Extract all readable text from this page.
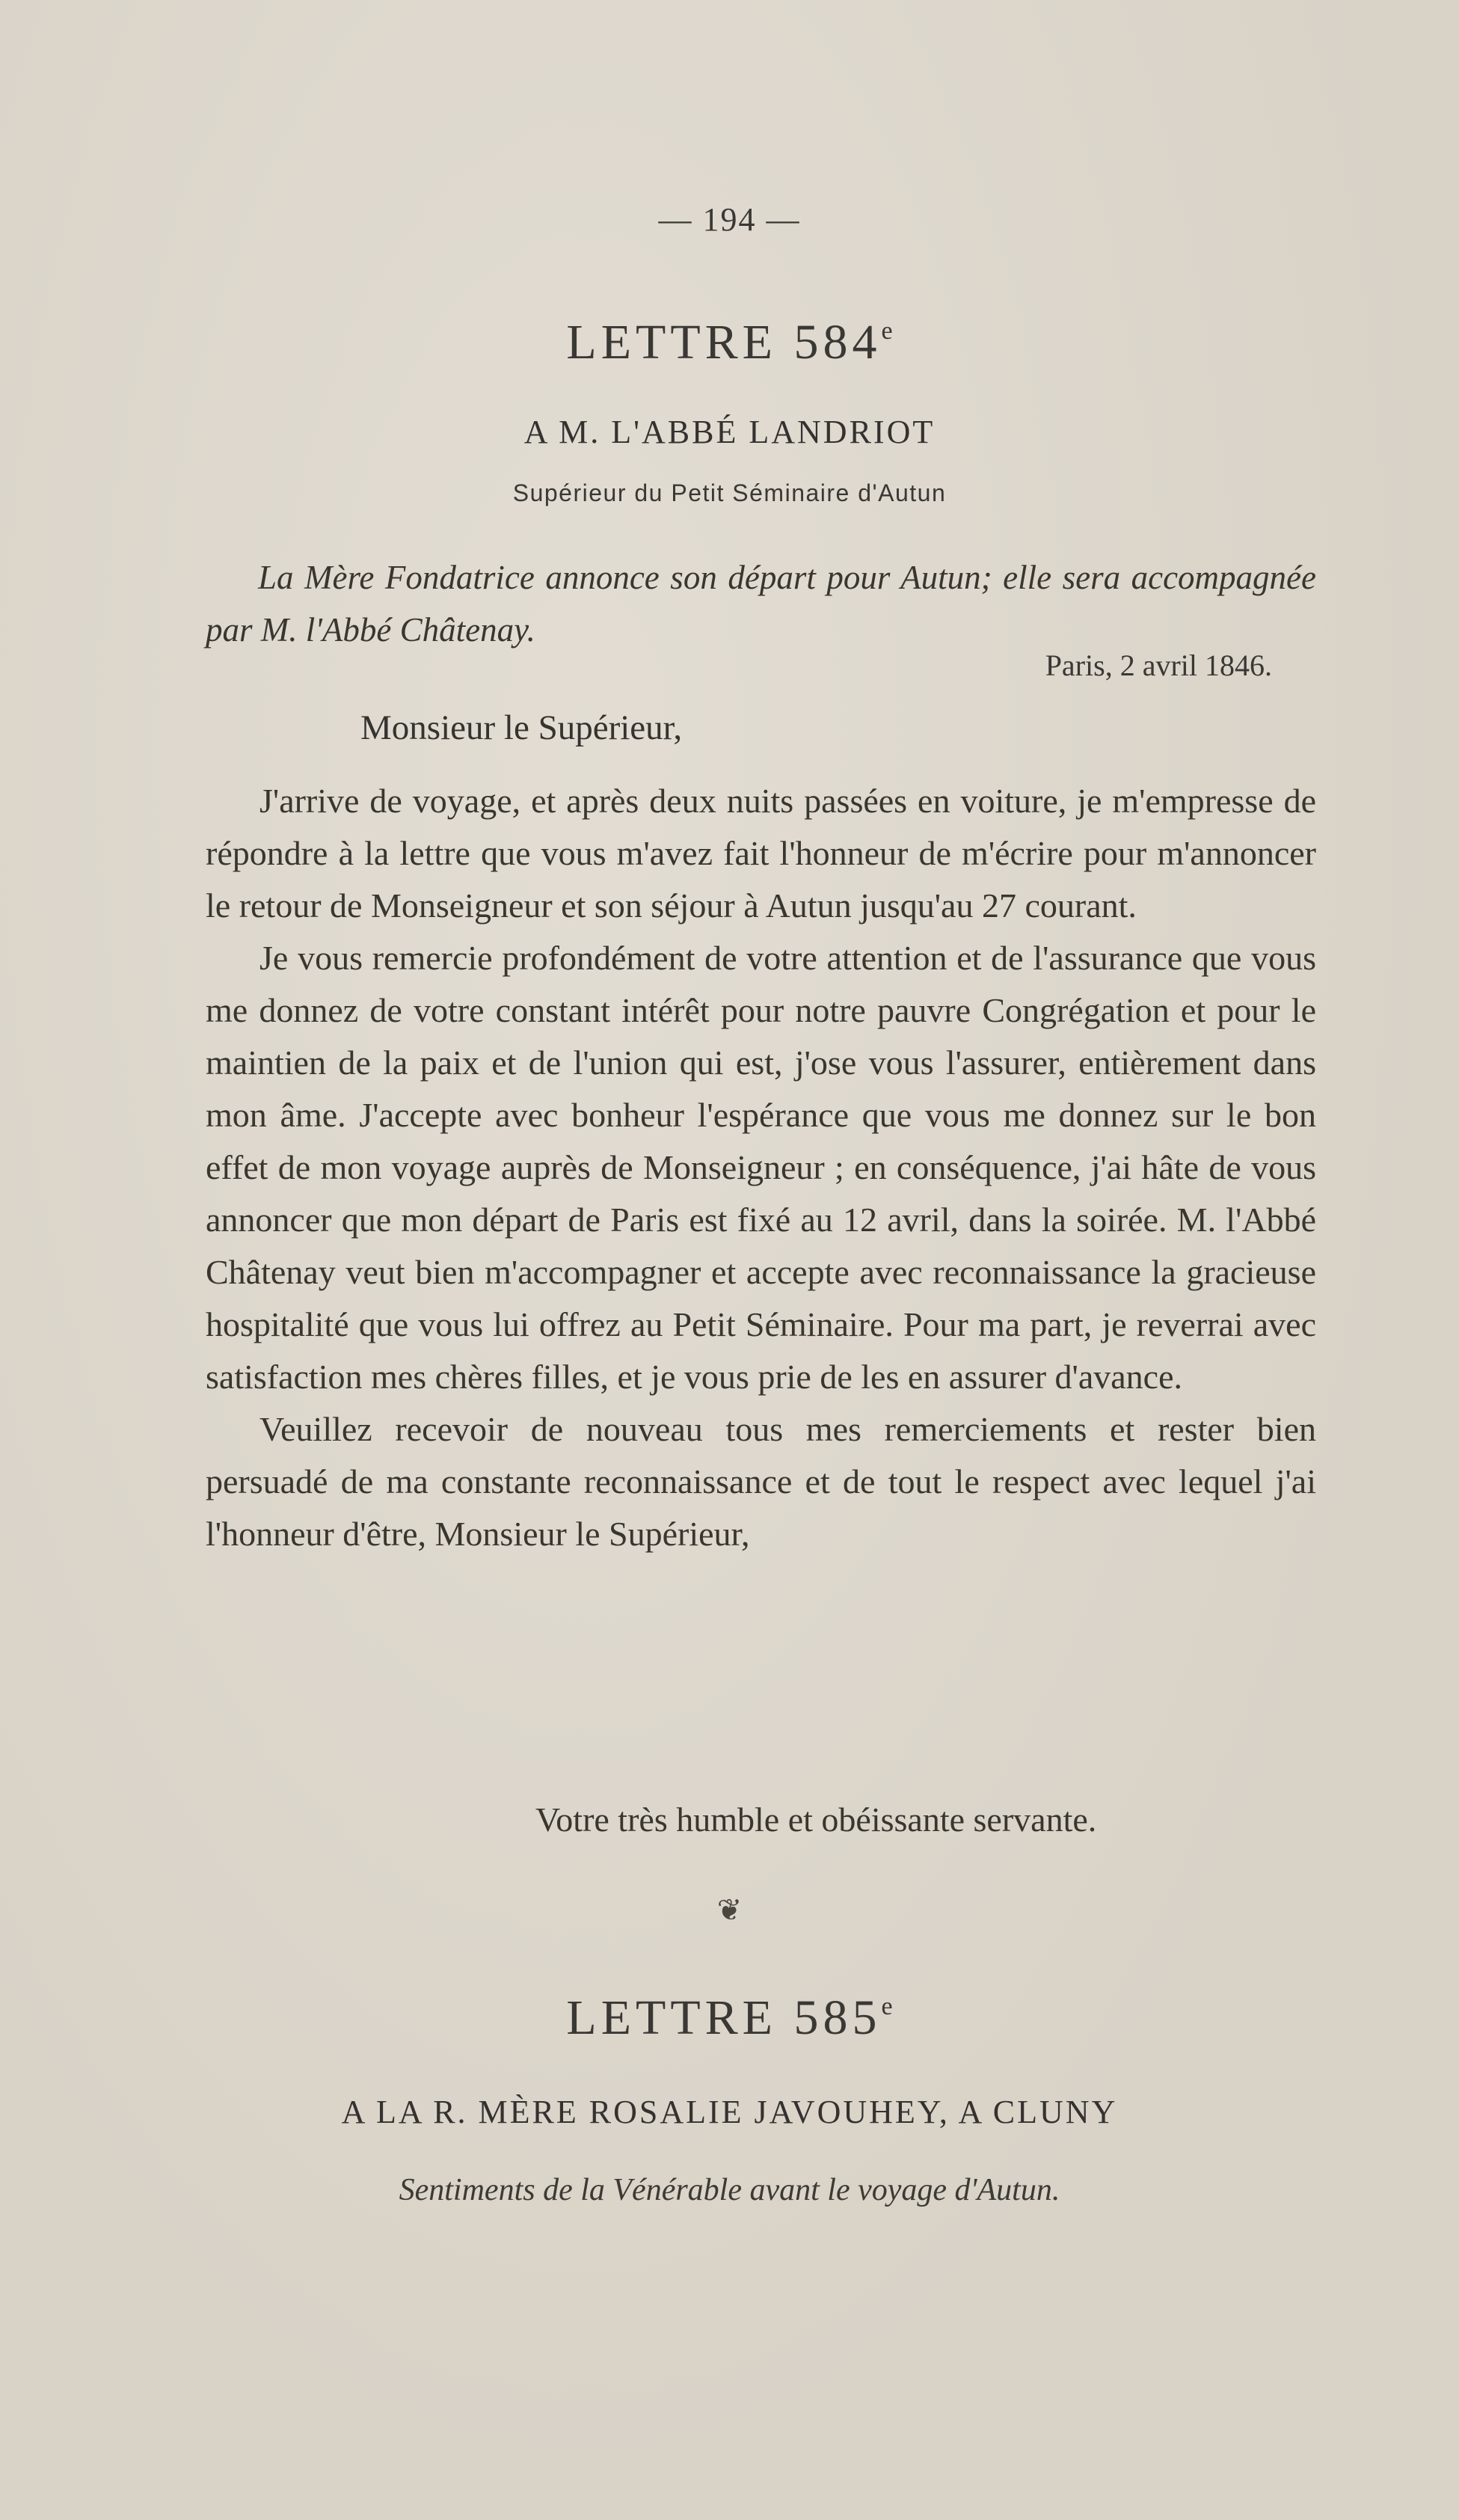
— 194 —
LETTRE 584e
A M. L'ABBÉ LANDRIOT
Supérieur du Petit Séminaire d'Autun
La Mère Fondatrice annonce son départ pour Autun; elle sera accompagnée par M. l'Abbé Châtenay.
Paris, 2 avril 1846.
Monsieur le Supérieur,

J'arrive de voyage, et après deux nuits passées en voiture, je m'empresse de répondre à la lettre que vous m'avez fait l'honneur de m'écrire pour m'annoncer le retour de Monseigneur et son séjour à Autun jusqu'au 27 courant.

Je vous remercie profondément de votre attention et de l'assurance que vous me donnez de votre constant intérêt pour notre pauvre Congrégation et pour le maintien de la paix et de l'union qui est, j'ose vous l'assurer, entièrement dans mon âme. J'accepte avec bonheur l'espérance que vous me donnez sur le bon effet de mon voyage auprès de Monseigneur ; en conséquence, j'ai hâte de vous annoncer que mon départ de Paris est fixé au 12 avril, dans la soirée. M. l'Abbé Châtenay veut bien m'accompagner et accepte avec reconnaissance la gracieuse hospitalité que vous lui offrez au Petit Séminaire. Pour ma part, je reverrai avec satisfaction mes chères filles, et je vous prie de les en assurer d'avance.

Veuillez recevoir de nouveau tous mes remerciements et rester bien persuadé de ma constante reconnaissance et de tout le respect avec lequel j'ai l'honneur d'être, Monsieur le Supérieur,

Votre très humble et obéissante servante.
❦
LETTRE 585e
A LA R. MÈRE ROSALIE JAVOUHEY, A CLUNY
Sentiments de la Vénérable avant le voyage d'Autun.
